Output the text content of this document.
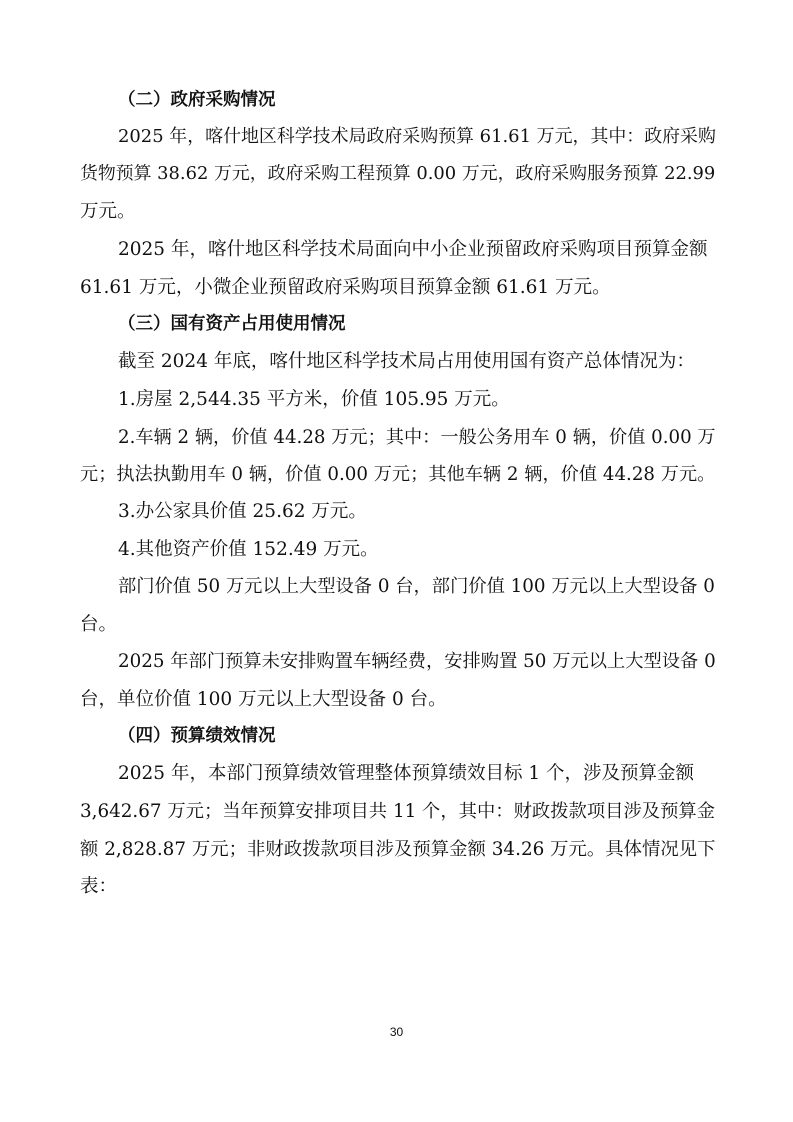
（二）政府采购情况
2025 年，喀什地区科学技术局政府采购预算 61.61 万元，其中：政府采购
货物预算 38.62 万元，政府采购工程预算 0.00 万元，政府采购服务预算 22.99
万元。
2025 年，喀什地区科学技术局面向中小企业预留政府采购项目预算金额
61.61 万元，小微企业预留政府采购项目预算金额 61.61 万元。
（三）国有资产占用使用情况
截至 2024 年底，喀什地区科学技术局占用使用国有资产总体情况为：
1.房屋 2,544.35 平方米，价值 105.95 万元。
2.车辆 2 辆，价值 44.28 万元；其中：一般公务用车 0 辆，价值 0.00 万
元；执法执勤用车 0 辆，价值 0.00 万元；其他车辆 2 辆，价值 44.28 万元。
3.办公家具价值 25.62 万元。
4.其他资产价值 152.49 万元。
部门价值 50 万元以上大型设备 0 台，部门价值 100 万元以上大型设备 0
台。
2025 年部门预算未安排购置车辆经费，安排购置 50 万元以上大型设备 0
台，单位价值 100 万元以上大型设备 0 台。
（四）预算绩效情况
2025 年，本部门预算绩效管理整体预算绩效目标 1 个，涉及预算金额
3,642.67 万元；当年预算安排项目共 11 个，其中：财政拨款项目涉及预算金
额 2,828.87 万元；非财政拨款项目涉及预算金额 34.26 万元。具体情况见下
表：
30
